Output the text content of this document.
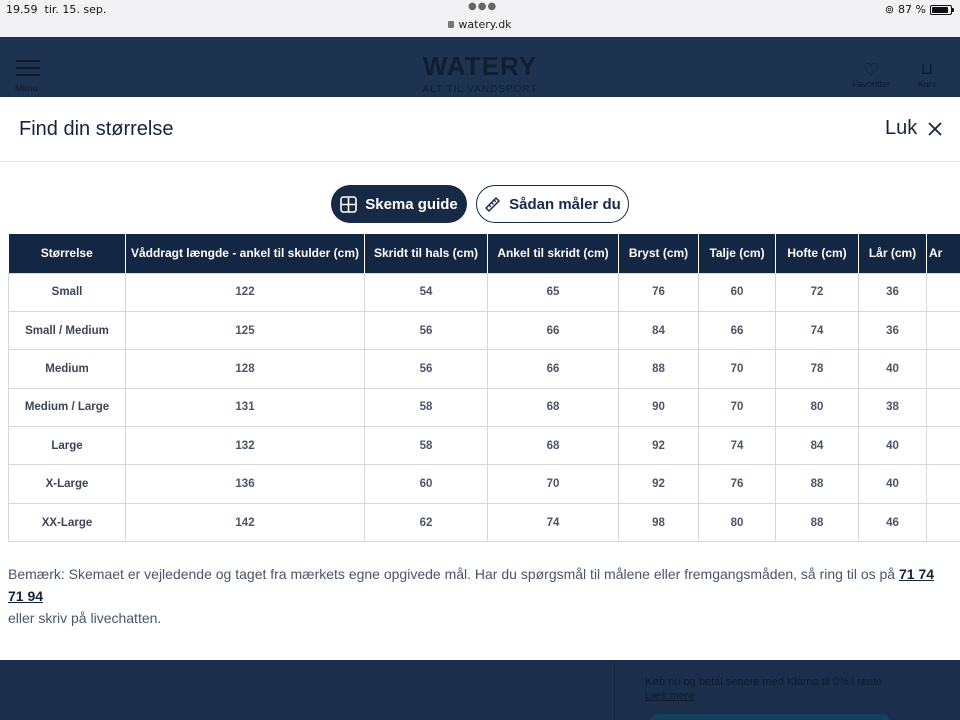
19.59 tir. 15. sep.	●●●
watery.dk
⊚ 87 %
Menu
WATERY
ALT TIL VANDSPORT
♡
Favoritter
⊔
Kurv
Køb nu og betal senere med Klarna til 0% i rente
Læs mere
Find din størrelse	Luk
Skema guide	Sådan måler du
Størrelse	Våddragt længde - ankel til skulder (cm)	Skridt til hals (cm)	Ankel til skridt (cm)	Bryst (cm)	Talje (cm)	Hofte (cm)	Lår (cm)	Ar
Small	122	54	65	76	60	72	36	
Small / Medium	125	56	66	84	66	74	36	
Medium	128	56	66	88	70	78	40	
Medium / Large	131	58	68	90	70	80	38	
Large	132	58	68	92	74	84	40	
X-Large	136	60	70	92	76	88	40	
XX-Large	142	62	74	98	80	88	46	

Bemærk: Skemaet er vejledende og taget fra mærkets egne opgivede mål. Har du spørgsmål til målene eller fremgangsmåden, så ring til os på 71 74 71 94
eller skriv på livechatten.
